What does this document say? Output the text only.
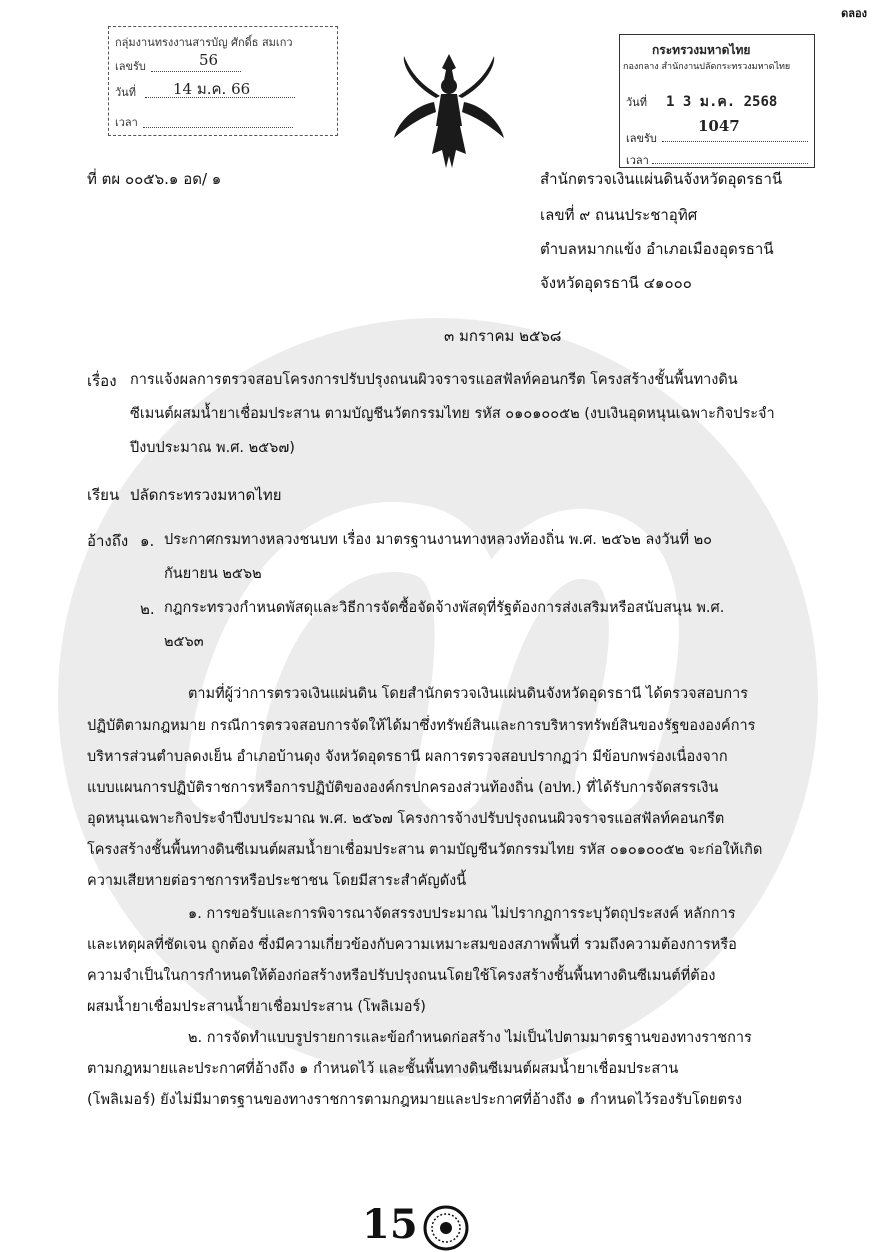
ดลอง
กลุ่มงานทรงงานสารบัญ ศักดิ์ธ สมเกว
เลขรับ	56
วันที่ 14 ม.ค. 66
เวลา
กระทรวงมหาดไทย
กองกลาง สำนักงานปลัดกระทรวงมหาดไทย
วันที่ 1 3 ม.ค. 2568
เลขรับ
1047
เวลา
ที่ ตผ ๐๐๕๖.๑ อด/ ๑	สำนักตรวจเงินแผ่นดินจังหวัดอุดรธานี
เลขที่ ๙ ถนนประชาอุทิศ
ตำบลหมากแข้ง อำเภอเมืองอุดรธานี
จังหวัดอุดรธานี ๔๑๐๐๐
๓ มกราคม ๒๕๖๘
เรื่อง การแจ้งผลการตรวจสอบโครงการปรับปรุงถนนผิวจราจรแอสฟัลท์คอนกรีต โครงสร้างชั้นพื้นทางดิน
ซีเมนต์ผสมน้ำยาเชื่อมประสาน ตามบัญชีนวัตกรรมไทย รหัส ๐๑๐๑๐๐๕๒ (งบเงินอุดหนุนเฉพาะกิจประจำ
ปีงบประมาณ พ.ศ. ๒๕๖๗)
เรียน ปลัดกระทรวงมหาดไทย
อ้างถึง ๑. ประกาศกรมทางหลวงชนบท เรื่อง มาตรฐานงานทางหลวงท้องถิ่น พ.ศ. ๒๕๖๒ ลงวันที่ ๒๐
กันยายน ๒๕๖๒
๒. กฎกระทรวงกำหนดพัสดุและวิธีการจัดซื้อจัดจ้างพัสดุที่รัฐต้องการส่งเสริมหรือสนับสนุน พ.ศ.
๒๕๖๓
ตามที่ผู้ว่าการตรวจเงินแผ่นดิน โดยสำนักตรวจเงินแผ่นดินจังหวัดอุดรธานี ได้ตรวจสอบการ
ปฏิบัติตามกฎหมาย กรณีการตรวจสอบการจัดให้ได้มาซึ่งทรัพย์สินและการบริหารทรัพย์สินของรัฐขององค์การ
บริหารส่วนตำบลดงเย็น อำเภอบ้านดุง จังหวัดอุดรธานี ผลการตรวจสอบปรากฏว่า มีข้อบกพร่องเนื่องจาก
แบบแผนการปฏิบัติราชการหรือการปฏิบัติขององค์กรปกครองส่วนท้องถิ่น (อปท.) ที่ได้รับการจัดสรรเงิน
อุดหนุนเฉพาะกิจประจำปีงบประมาณ พ.ศ. ๒๕๖๗ โครงการจ้างปรับปรุงถนนผิวจราจรแอสฟัลท์คอนกรีต
โครงสร้างชั้นพื้นทางดินซีเมนต์ผสมน้ำยาเชื่อมประสาน ตามบัญชีนวัตกรรมไทย รหัส ๐๑๐๑๐๐๕๒ จะก่อให้เกิด
ความเสียหายต่อราชการหรือประชาชน โดยมีสาระสำคัญดังนี้
๑. การขอรับและการพิจารณาจัดสรรงบประมาณ ไม่ปรากฏการระบุวัตถุประสงค์ หลักการ
และเหตุผลที่ชัดเจน ถูกต้อง ซึ่งมีความเกี่ยวข้องกับความเหมาะสมของสภาพพื้นที่ รวมถึงความต้องการหรือ
ความจำเป็นในการกำหนดให้ต้องก่อสร้างหรือปรับปรุงถนนโดยใช้โครงสร้างชั้นพื้นทางดินซีเมนต์ที่ต้อง
ผสมน้ำยาเชื่อมประสานน้ำยาเชื่อมประสาน (โพลิเมอร์)
๒. การจัดทำแบบรูปรายการและข้อกำหนดก่อสร้าง ไม่เป็นไปตามมาตรฐานของทางราชการ
ตามกฎหมายและประกาศที่อ้างถึง ๑ กำหนดไว้ และชั้นพื้นทางดินซีเมนต์ผสมน้ำยาเชื่อมประสาน
(โพลิเมอร์) ยังไม่มีมาตรฐานของทางราชการตามกฎหมายและประกาศที่อ้างถึง ๑ กำหนดไว้รองรับโดยตรง
15
